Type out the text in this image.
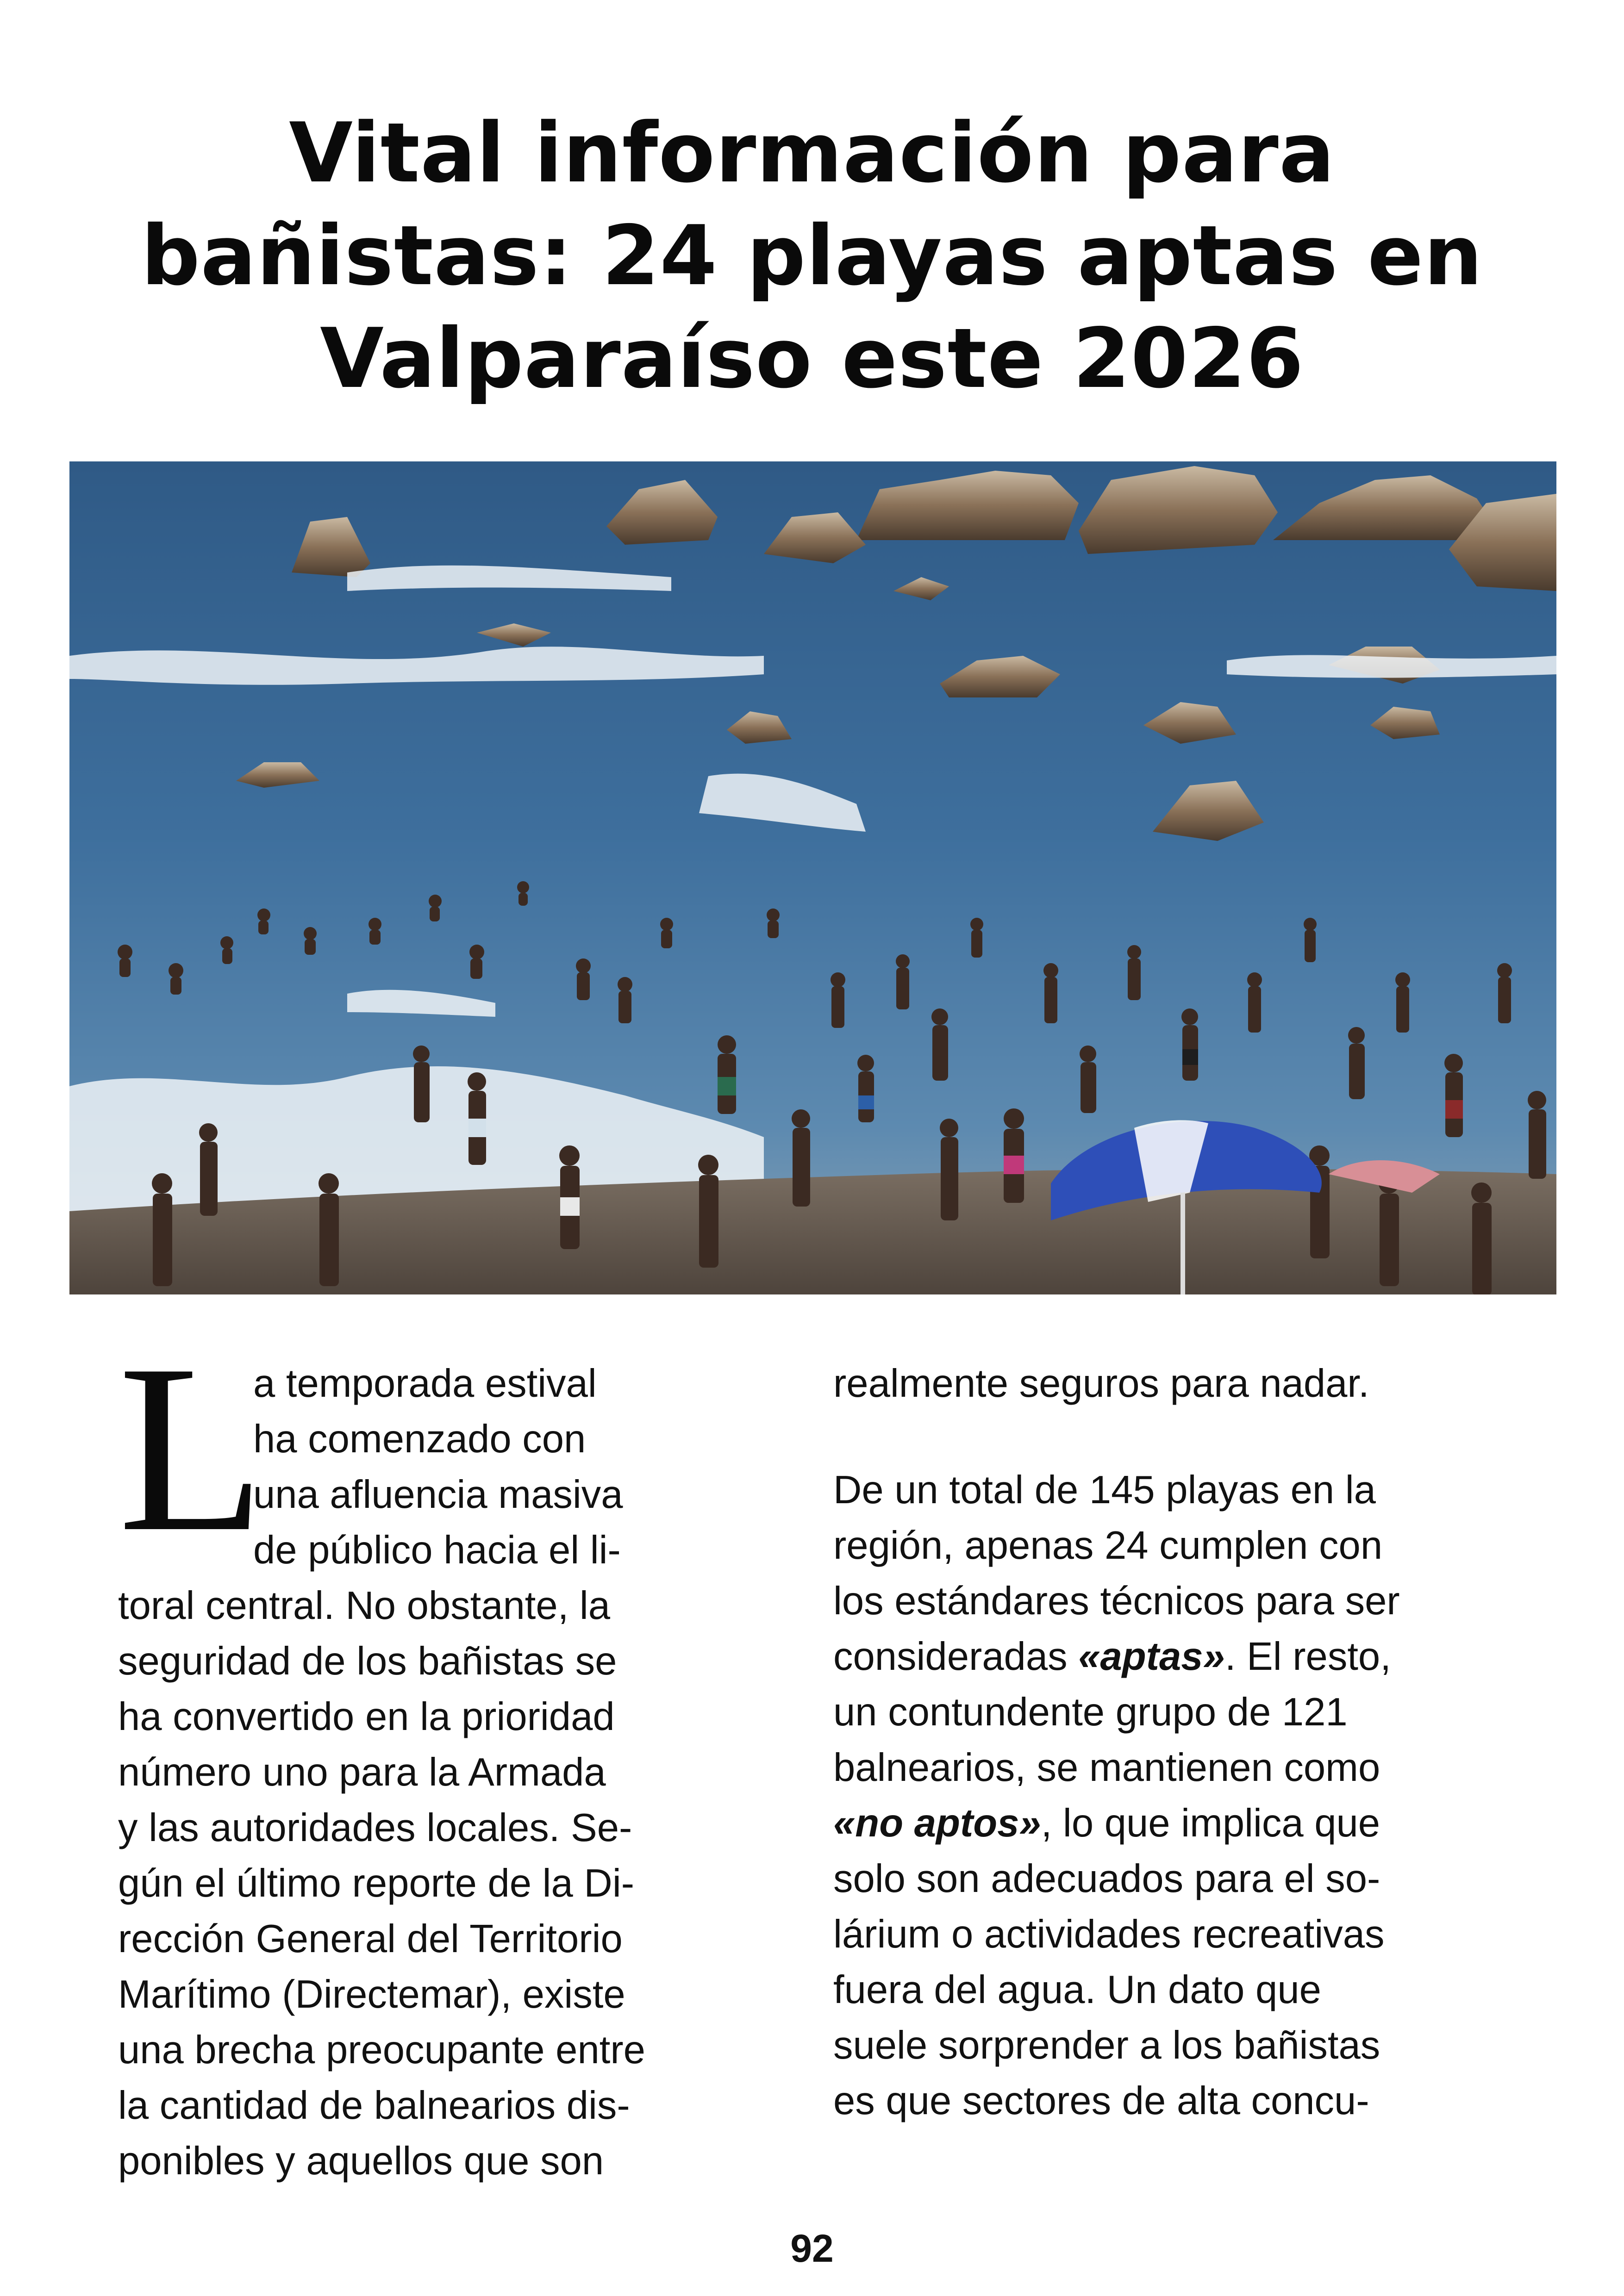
Vital información para
bañistas: 24 playas aptas en
Valparaíso este 2026
L

a temporada estival
ha comenzado con
una afluencia masiva
de público hacia el li-
toral central. No obstante, la
seguridad de los bañistas se
ha convertido en la prioridad
número uno para la Armada
y las autoridades locales. Se-
gún el último reporte de la Di-
rección General del Territorio
Marítimo (Directemar), existe
una brecha preocupante entre
la cantidad de balnearios dis-
ponibles y aquellos que son

realmente seguros para nadar.

De un total de 145 playas en la
región, apenas 24 cumplen con
los estándares técnicos para ser
consideradas «aptas». El resto,
un contundente grupo de 121
balnearios, se mantienen como
«no aptos», lo que implica que
solo son adecuados para el so-
lárium o actividades recreativas
fuera del agua. Un dato que
suele sorprender a los bañistas
es que sectores de alta concu-

92
